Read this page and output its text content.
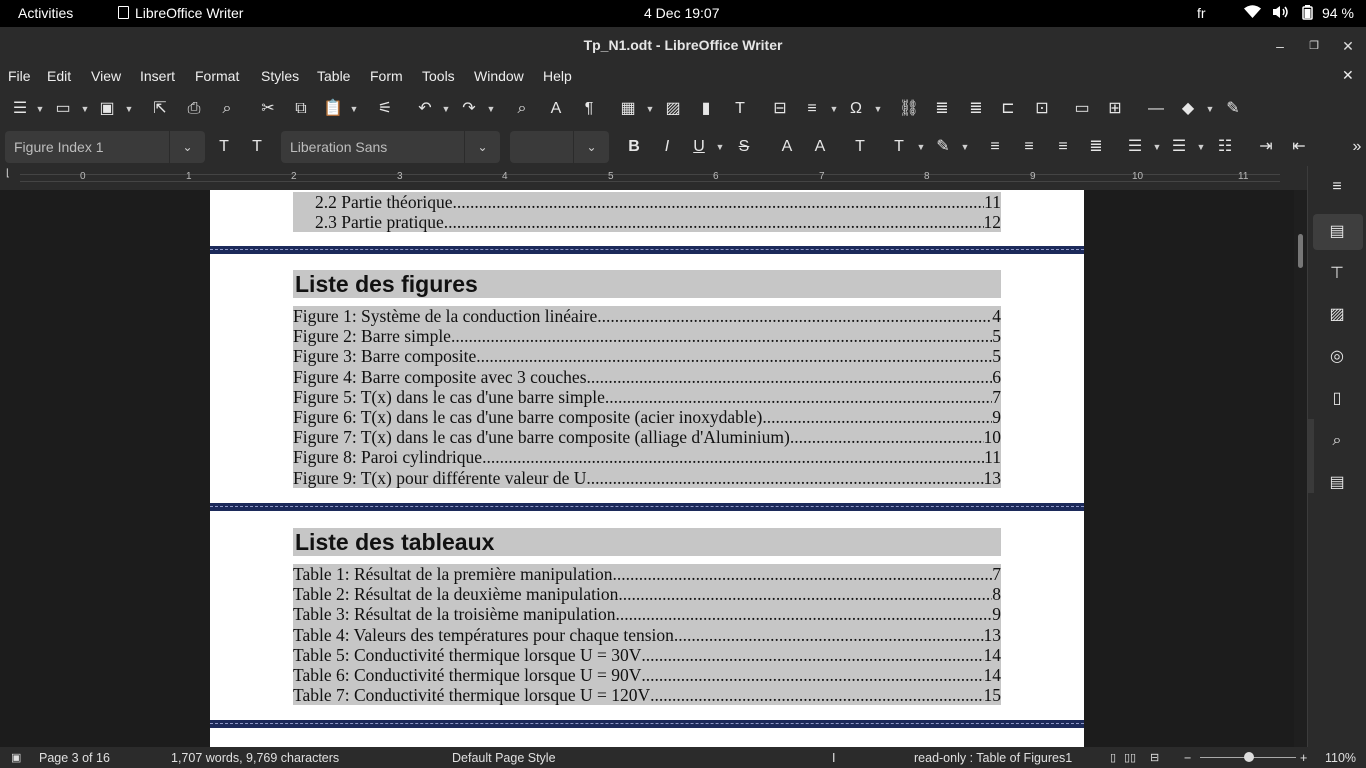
Activities	LibreOffice Writer	4 Dec 19:07	fr	94 %
Tp_N1.odt - LibreOffice Writer	–	❐	✕
File Edit View Insert Format Styles Table Form Tools Window Help	✕
☰ ▼ ▭	▼ ▣	▼ ⇱ ⎙	⌕	✂	⧉	📋 ▼ ⚟ ↶	▼ ↷	▼	⌕	A	¶	▦	▼ ▨	▮	T	⊟	≡	▼ Ω	▼ ⛓ ≣ ≣ ⊏ ⊡ ▭ ⊞ —	◆	▼ ✎
Figure Index 1	⌄	T	T	Liberation Sans	⌄	⌄	B	I	U	▼ S	A	A	T	T	▼ ✎	▼	≡	≡	≡	≣ ☰	▼ ☰	▼ ☷ ⇥ ⇤	»
⌊	0	1	2	3	4	5	6	7	8	9	10	11
2.2 Partie théorique .....	11
2.3 Partie pratique .....	12
Liste des figures
Figure 1: Système de la conduction linéaire .....	4
Figure 2: Barre simple .....	5
Figure 3: Barre composite .....	5
Figure 4: Barre composite avec 3 couches .....	6
Figure 5: T(x) dans le cas d'une barre simple .....	7
Figure 6: T(x) dans le cas d'une barre composite (acier inoxydable) .....	9
Figure 7: T(x) dans le cas d'une barre composite (alliage d'Aluminium) .....	10
Figure 8: Paroi cylindrique .....	11
Figure 9: T(x) pour différente valeur de U .....	13
Liste des tableaux
Table 1: Résultat de la première manipulation .....	7
Table 2: Résultat de la deuxième manipulation .....	8
Table 3: Résultat de la troisième manipulation .....	9
Table 4: Valeurs des températures pour chaque tension .....	13
Table 5: Conductivité thermique lorsque U = 30V .....	14
Table 6: Conductivité thermique lorsque U = 90V .....	14
Table 7: Conductivité thermique lorsque U = 120V .....	15
≡
▤
⊤
▨
◎
▯
⌕
▤
▣ Page 3 of 16	1,707 words, 9,769 characters	Default Page Style	I	read-only : Table of Figures1	▯ ▯▯ ⊟ −	+ 110%
